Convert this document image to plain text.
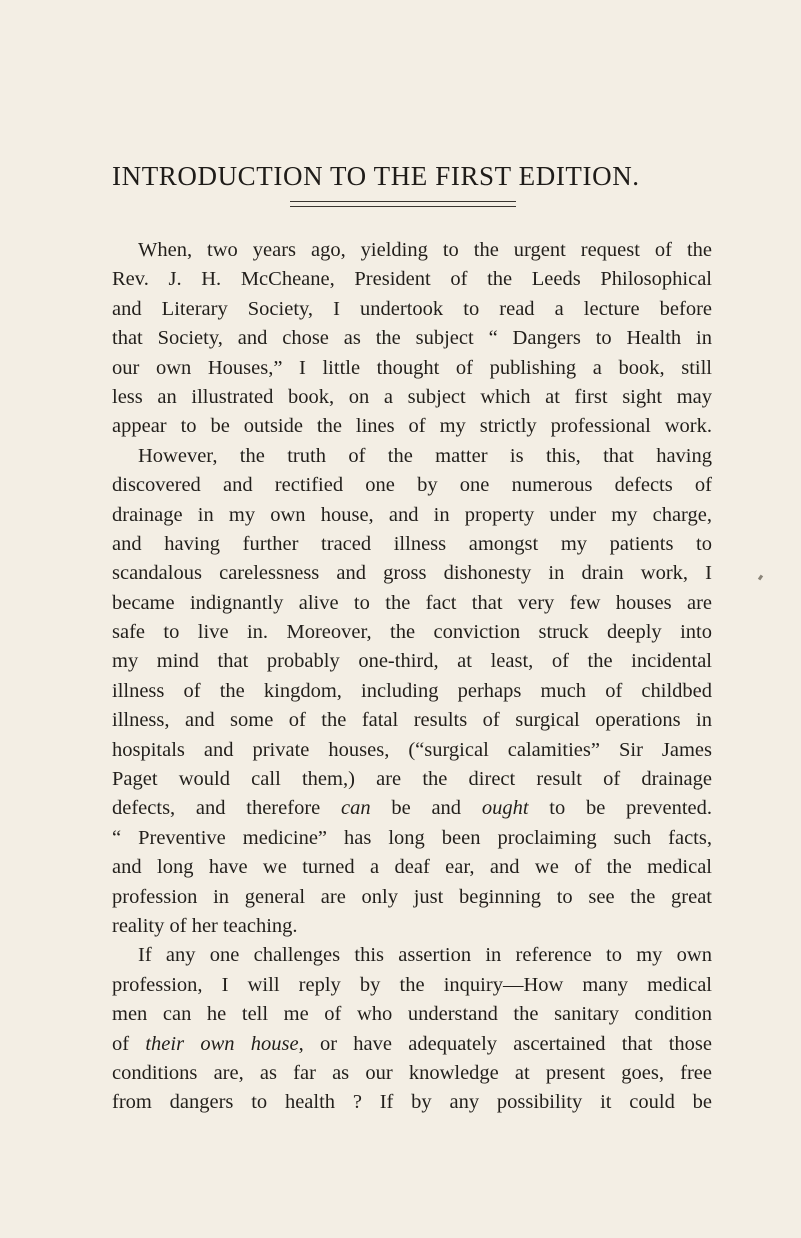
INTRODUCTION TO THE FIRST EDITION.
When, two years ago, yielding to the urgent request of the
Rev. J. H. McCheane, President of the Leeds Philosophical
and Literary Society, I undertook to read a lecture before
that Society, and chose as the subject “ Dangers to Health in
our own Houses,” I little thought of publishing a book, still
less an illustrated book, on a subject which at first sight may
appear to be outside the lines of my strictly professional work.
However, the truth of the matter is this, that having
discovered and rectified one by one numerous defects of
drainage in my own house, and in property under my charge,
and having further traced illness amongst my patients to
scandalous carelessness and gross dishonesty in drain work, I
became indignantly alive to the fact that very few houses are
safe to live in. Moreover, the conviction struck deeply into
my mind that probably one-third, at least, of the incidental
illness of the kingdom, including perhaps much of childbed
illness, and some of the fatal results of surgical operations in
hospitals and private houses, (“surgical calamities” Sir James
Paget would call them,) are the direct result of drainage
defects, and therefore can be and ought to be prevented.
“ Preventive medicine” has long been proclaiming such facts,
and long have we turned a deaf ear, and we of the medical
profession in general are only just beginning to see the great
reality of her teaching.
If any one challenges this assertion in reference to my own
profession, I will reply by the inquiry—How many medical
men can he tell me of who understand the sanitary condition
of their own house, or have adequately ascertained that those
conditions are, as far as our knowledge at present goes, free
from dangers to health ? If by any possibility it could be
